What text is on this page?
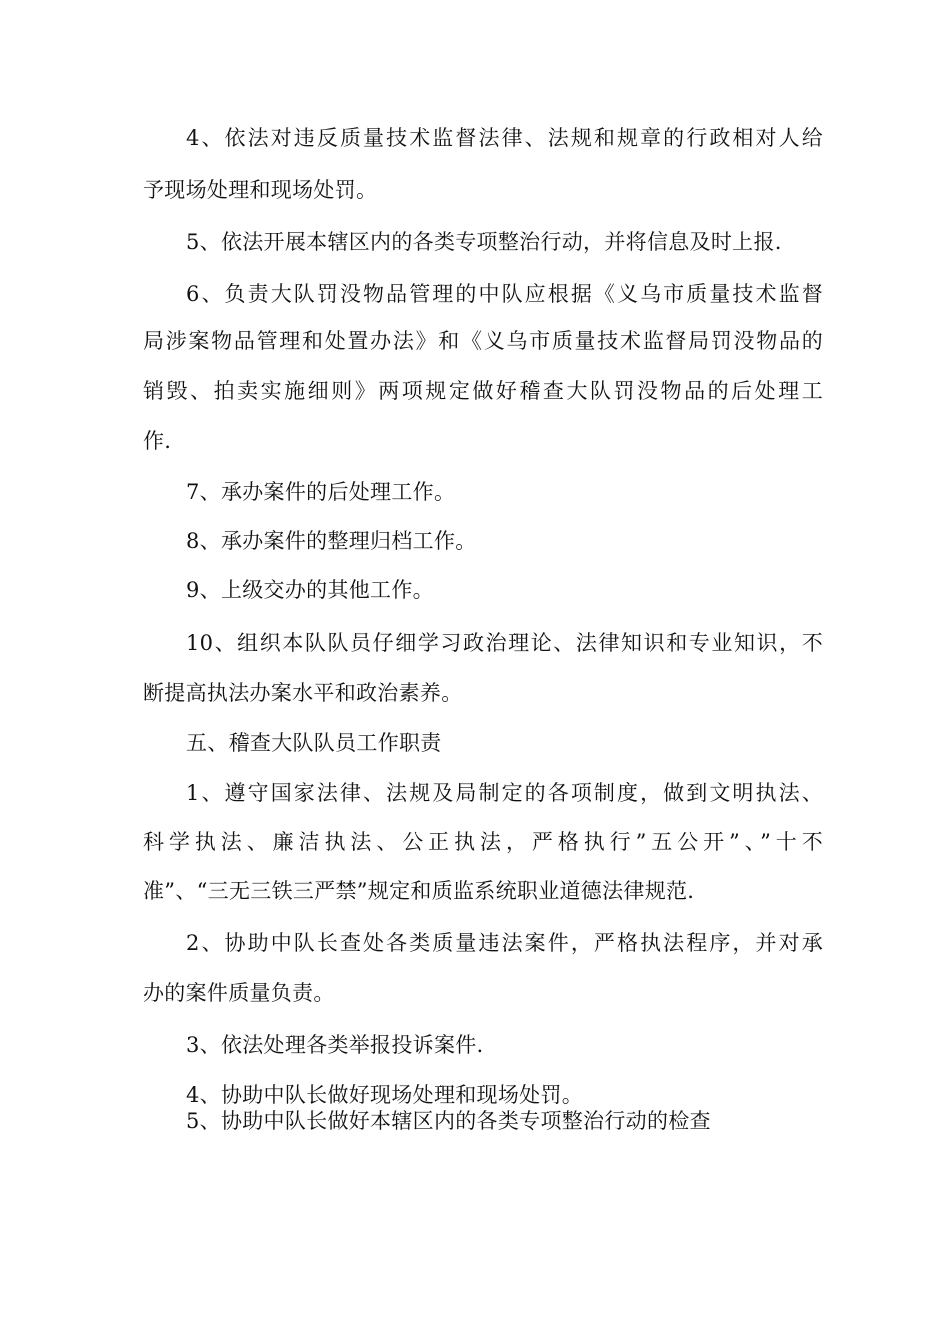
4、依法对违反质量技术监督法律、法规和规章的行政相对人给
予现场处理和现场处罚。
5、依法开展本辖区内的各类专项整治行动，并将信息及时上报.
6、负责大队罚没物品管理的中队应根据《义乌市质量技术监督
局涉案物品管理和处置办法》和《义乌市质量技术监督局罚没物品的
销毁、拍卖实施细则》两项规定做好稽查大队罚没物品的后处理工
作.
7、承办案件的后处理工作。
8、承办案件的整理归档工作。
9、上级交办的其他工作。
10、组织本队队员仔细学习政治理论、法律知识和专业知识，不
断提高执法办案水平和政治素养。
五、稽查大队队员工作职责
1、遵守国家法律、法规及局制定的各项制度，做到文明执法、
科学执法、廉洁执法、公正执法，严格执行”五公开”、”十不
准”、“三无三铁三严禁”规定和质监系统职业道德法律规范.
2、协助中队长查处各类质量违法案件，严格执法程序，并对承
办的案件质量负责。
3、依法处理各类举报投诉案件.
4、协助中队长做好现场处理和现场处罚。
5、协助中队长做好本辖区内的各类专项整治行动的检查
